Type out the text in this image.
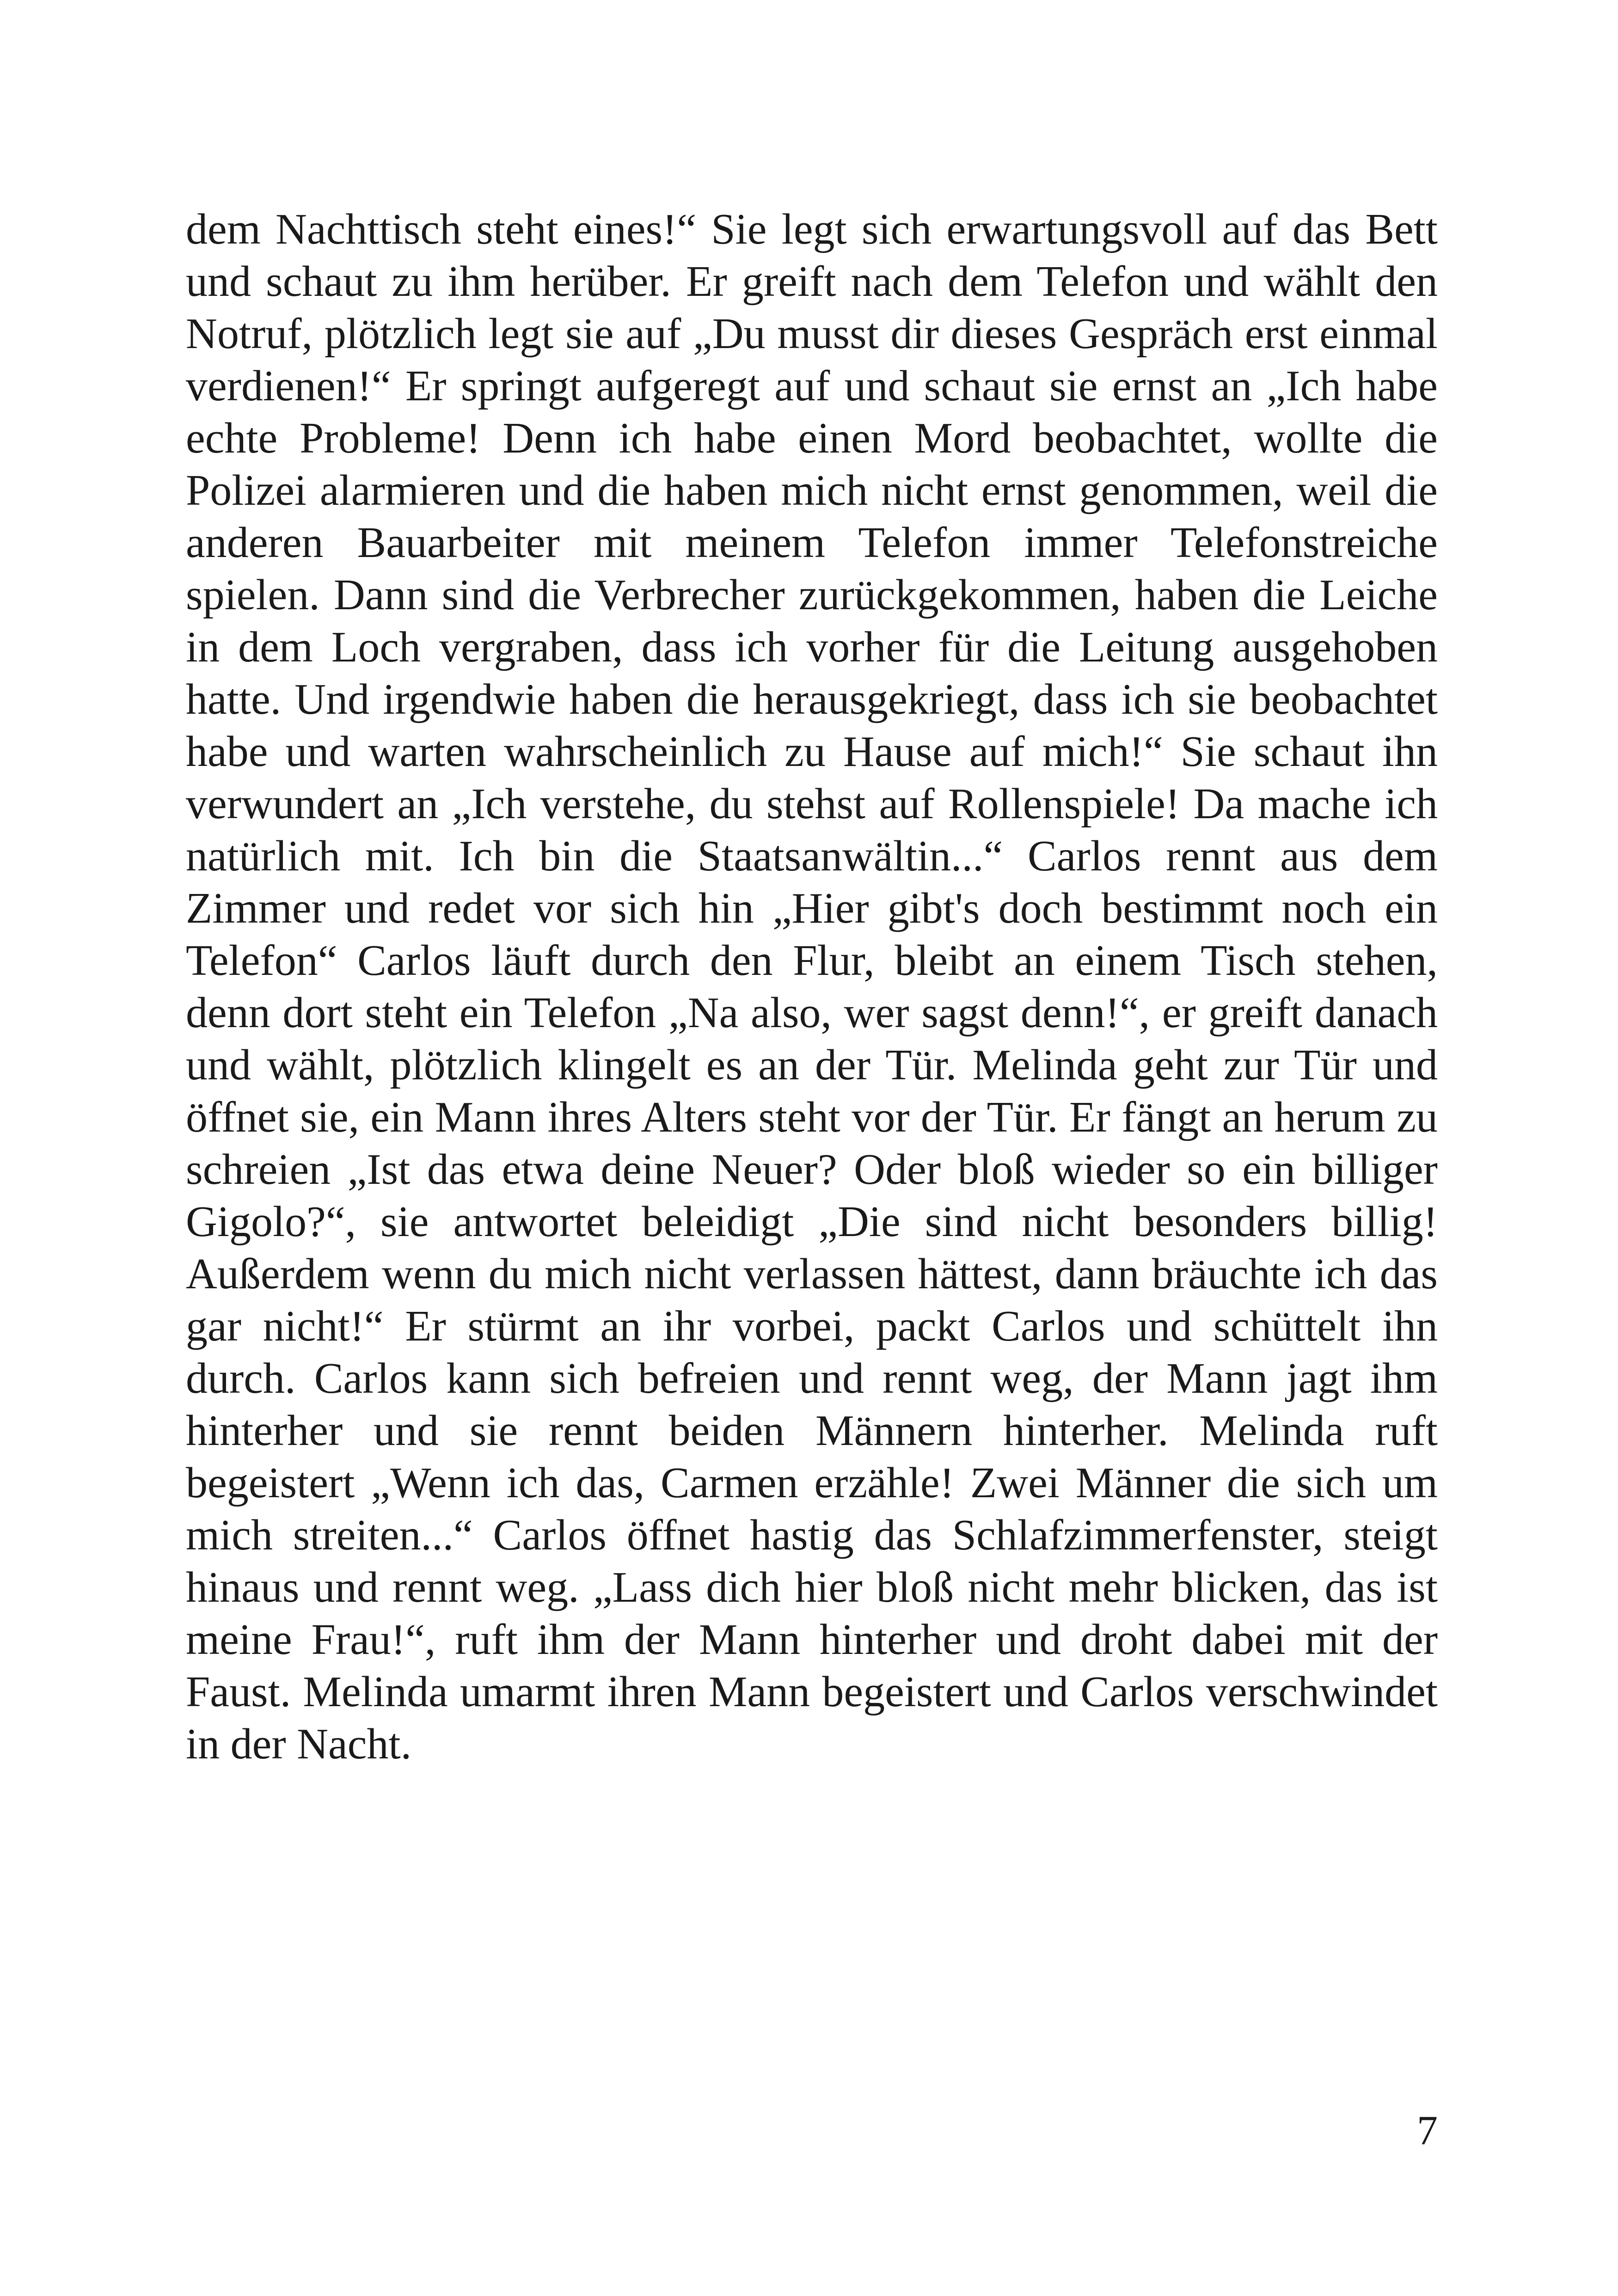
dem Nachttisch steht eines!“ Sie legt sich erwartungsvoll auf das Bett und schaut zu ihm herüber. Er greift nach dem Telefon und wählt den Notruf, plötzlich legt sie auf „Du musst dir dieses Gespräch erst einmal verdienen!“ Er springt aufgeregt auf und schaut sie ernst an „Ich habe echte Probleme! Denn ich habe einen Mord beobachtet, wollte die Polizei alarmieren und die haben mich nicht ernst genommen, weil die anderen Bauarbeiter mit meinem Telefon immer Telefonstreiche spielen. Dann sind die Verbrecher zurückgekommen, haben die Leiche in dem Loch vergraben, dass ich vorher für die Leitung ausgehoben hatte. Und irgendwie haben die herausgekriegt, dass ich sie beobachtet habe und warten wahrscheinlich zu Hause auf mich!“ Sie schaut ihn verwundert an „Ich verstehe, du stehst auf Rollenspiele! Da mache ich natürlich mit. Ich bin die Staatsanwältin...“ Carlos rennt aus dem Zimmer und redet vor sich hin „Hier gibt's doch bestimmt noch ein Telefon“ Carlos läuft durch den Flur, bleibt an einem Tisch stehen, denn dort steht ein Telefon „Na also, wer sagst denn!“, er greift danach und wählt, plötzlich klingelt es an der Tür. Melinda geht zur Tür und öffnet sie, ein Mann ihres Alters steht vor der Tür. Er fängt an herum zu schreien „Ist das etwa deine Neuer? Oder bloß wieder so ein billiger Gigolo?“, sie antwortet beleidigt „Die sind nicht besonders billig! Außerdem wenn du mich nicht verlassen hättest, dann bräuchte ich das gar nicht!“ Er stürmt an ihr vorbei, packt Carlos und schüttelt ihn durch. Carlos kann sich befreien und rennt weg, der Mann jagt ihm hinterher und sie rennt beiden Männern hinterher. Melinda ruft begeistert „Wenn ich das, Carmen erzähle! Zwei Männer die sich um mich streiten...“ Carlos öffnet hastig das Schlafzimmerfenster, steigt hinaus und rennt weg. „Lass dich hier bloß nicht mehr blicken, das ist meine Frau!“, ruft ihm der Mann hinterher und droht dabei mit der Faust. Melinda umarmt ihren Mann begeistert und Carlos verschwindet in der Nacht.

7
